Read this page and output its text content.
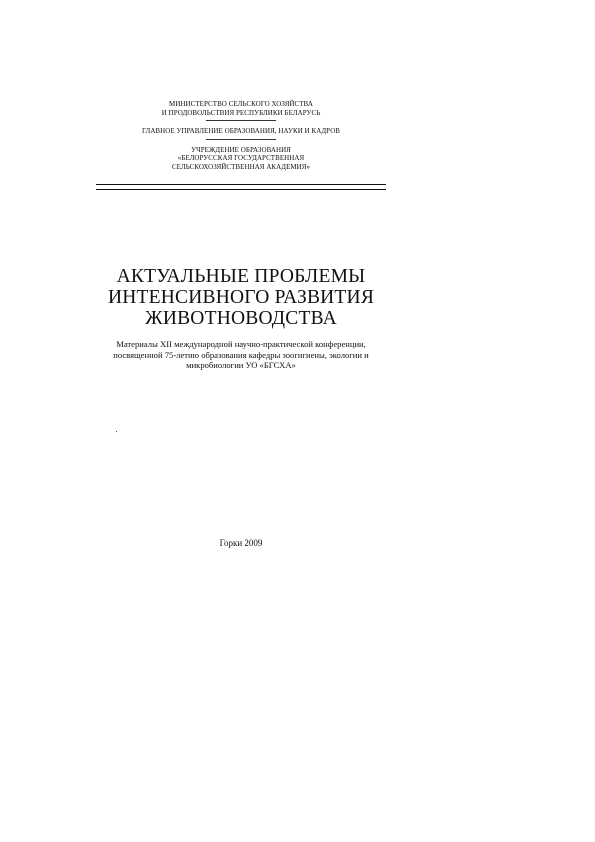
МИНИСТЕРСТВО СЕЛЬСКОГО ХОЗЯЙСТВА
И ПРОДОВОЛЬСТВИЯ РЕСПУБЛИКИ БЕЛАРУСЬ
ГЛАВНОЕ УПРАВЛЕНИЕ ОБРАЗОВАНИЯ, НАУКИ И КАДРОВ
УЧРЕЖДЕНИЕ ОБРАЗОВАНИЯ
«БЕЛОРУССКАЯ ГОСУДАРСТВЕННАЯ
СЕЛЬСКОХОЗЯЙСТВЕННАЯ АКАДЕМИЯ»
АКТУАЛЬНЫЕ ПРОБЛЕМЫ
ИНТЕНСИВНОГО РАЗВИТИЯ
ЖИВОТНОВОДСТВА
Материалы XII международной научно-практической конференции,
посвященной 75-летию образования кафедры зоогигиены, экологии и
микробиологии УО «БГСХА»
Горки 2009
